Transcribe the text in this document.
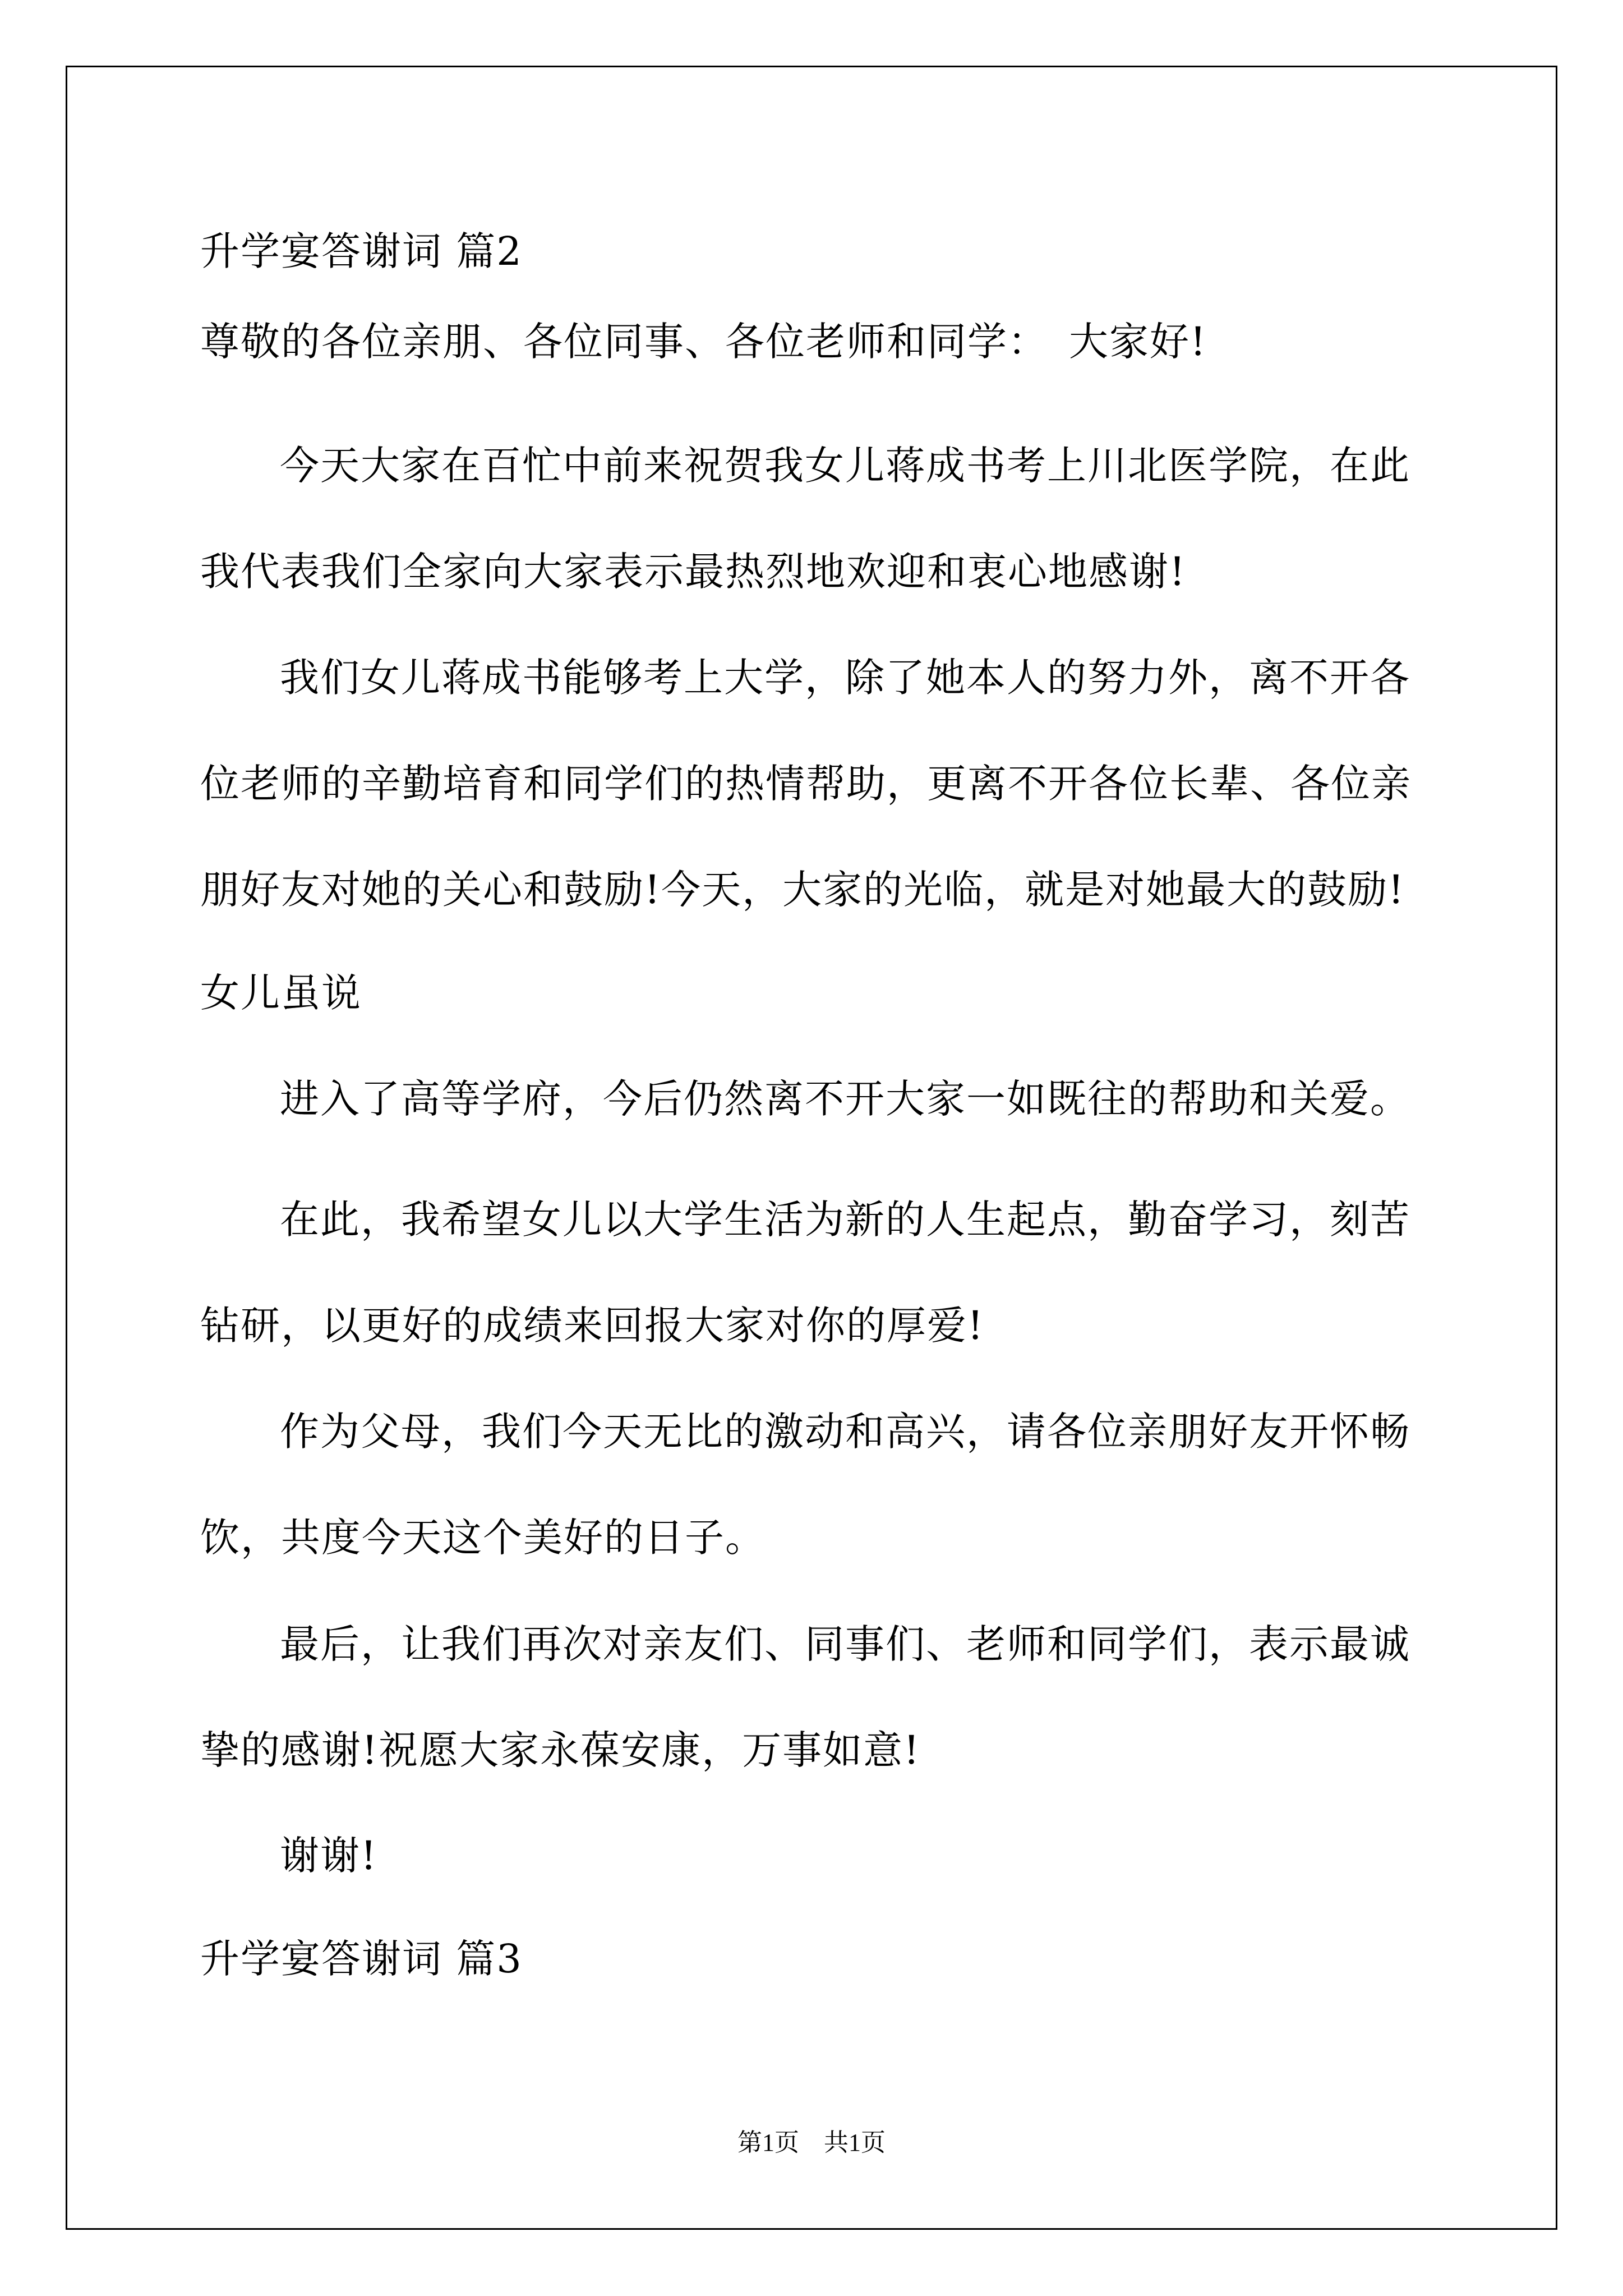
升学宴答谢词 篇2
尊敬的各位亲朋、各位同事、各位老师和同学：　大家好!
今天大家在百忙中前来祝贺我女儿蒋成书考上川北医学院，在此
我代表我们全家向大家表示最热烈地欢迎和衷心地感谢!
我们女儿蒋成书能够考上大学，除了她本人的努力外，离不开各
位老师的辛勤培育和同学们的热情帮助，更离不开各位长辈、各位亲
朋好友对她的关心和鼓励!今天，大家的光临，就是对她最大的鼓励!
女儿虽说
进入了高等学府，今后仍然离不开大家一如既往的帮助和关爱。
在此，我希望女儿以大学生活为新的人生起点，勤奋学习，刻苦
钻研，以更好的成绩来回报大家对你的厚爱!
作为父母，我们今天无比的激动和高兴，请各位亲朋好友开怀畅
饮，共度今天这个美好的日子。
最后，让我们再次对亲友们、同事们、老师和同学们，表示最诚
挚的感谢!祝愿大家永葆安康，万事如意!
谢谢!
升学宴答谢词 篇3
第1页　共1页
